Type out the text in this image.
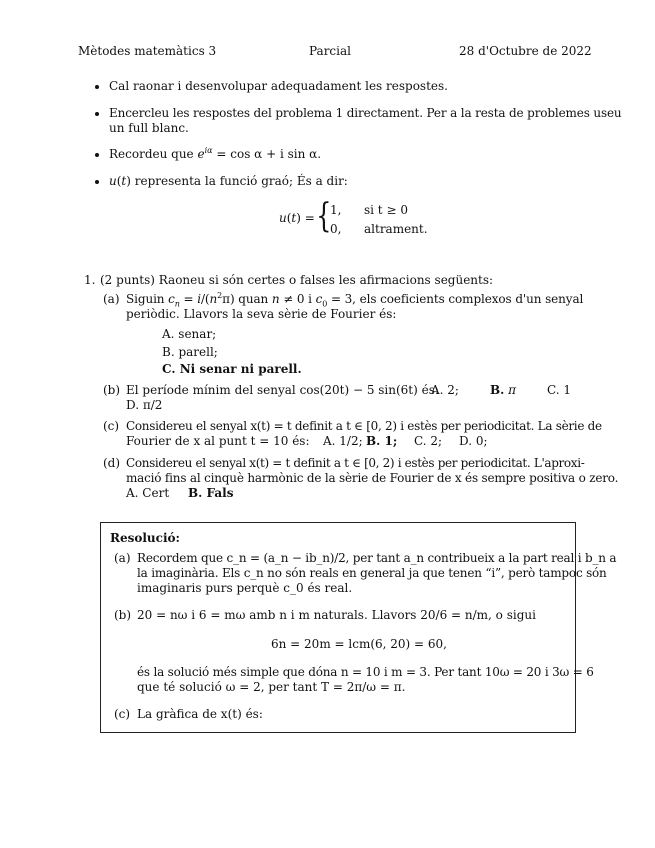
Mètodes matemàtics 3	Parcial	28 d'Octubre de 2022
Cal raonar i desenvolupar adequadament les respostes.
Encercleu les respostes del problema 1 directament. Per a la resta de problemes useu
un full blanc.
Recordeu que $e^{i\alpha} = \cos \alpha + i$ sin α.
u(t) representa la funció graó; És a dir:
u(t) = {
1, si t ≥ 0
0, altrament.
1. (2 punts) Raoneu si són certes o falses les afirmacions següents:
(a) Siguin $c_n = i/(n^2\pi)$ quan n ≠ 0 i $c_0 = 3$, els coeficients complexos d'un senyal
periòdic. Llavors la seva sèrie de Fourier és:
A. senar;
B. parell;
C. Ni senar ni parell.
(b) El període mínim del senyal cos(20t) − 5 sin(6t) és:
A. 2;	B. π	C. 1
D. π/2
(c) Considereu el senyal x(t) = t definit a t ∈ [0, 2) i estès per periodicitat. La sèrie de
Fourier de x al punt t = 10 és: A. 1/2; B. 1; C. 2; D. 0;
(d) Considereu el senyal x(t) = t definit a t ∈ [0, 2) i estès per periodicitat. L'aproxi-
mació fins al cinquè harmònic de la sèrie de Fourier de x és sempre positiva o zero.
A. Cert B. Fals
Resolució:
(a) Recordem que c_n = (a_n − ib_n)/2, per tant a_n contribueix a la part real i b_n a
la imaginària. Els c_n no són reals en general ja que tenen “i”, però tampoc són
imaginaris purs perquè c_0 és real.
(b) 20 = nω i 6 = mω amb n i m naturals. Llavors 20/6 = n/m, o sigui
6n = 20m = lcm(6, 20) = 60,
és la solució més simple que dóna n = 10 i m = 3. Per tant 10ω = 20 i 3ω = 6
que té solució ω = 2, per tant T = 2π/ω = π.
(c) La gràfica de x(t) és:
